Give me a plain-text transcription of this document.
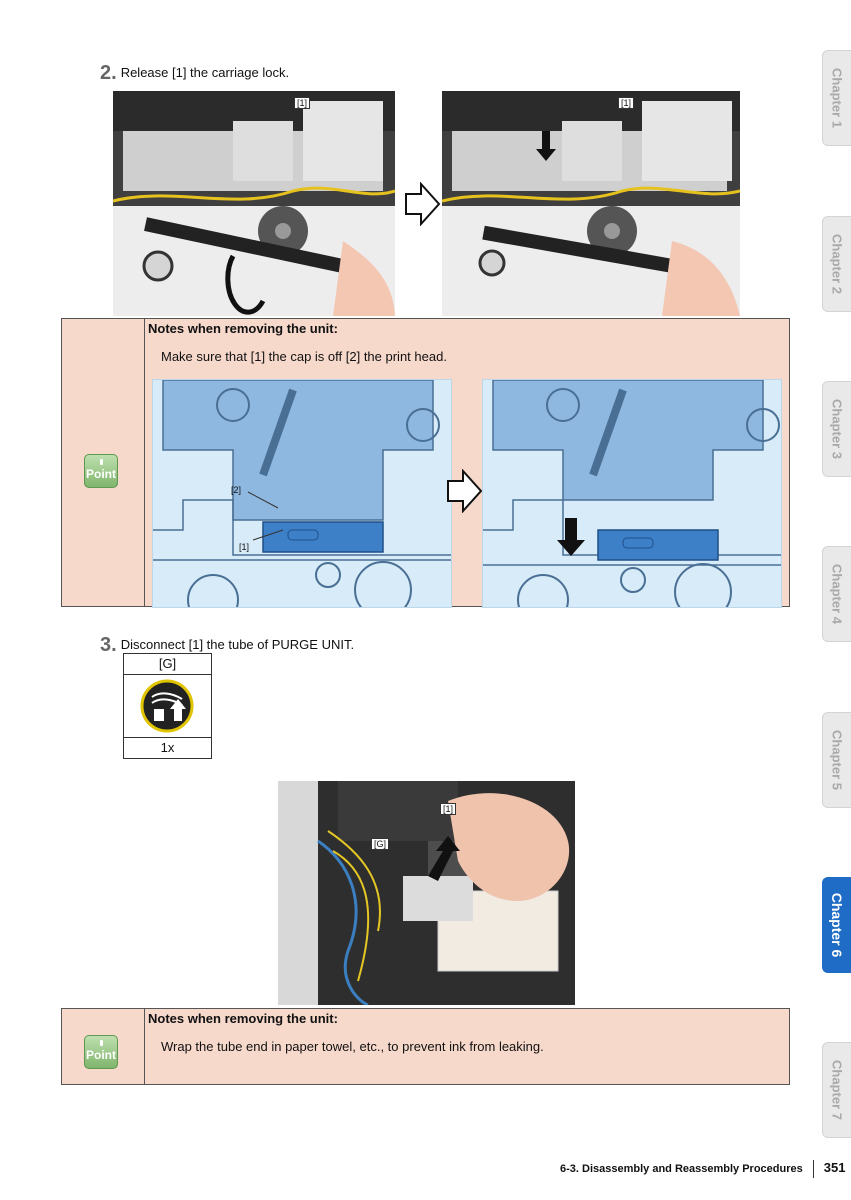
Chapter 1
Chapter 2
Chapter 3
Chapter 4
Chapter 5
Chapter 6
Chapter 7
2. Release [1] the carriage lock.
[1]	[1]
Point
Notes when removing the unit:
Make sure that [1] the cap is off [2] the print head.
[2]
[1]
3. Disconnect [1] the tube of PURGE UNIT.
[G]
1x
[G]
[1]
Point
Notes when removing the unit:
Wrap the tube end in paper towel, etc., to prevent ink from leaking.
6-3. Disassembly and Reassembly Procedures 351
